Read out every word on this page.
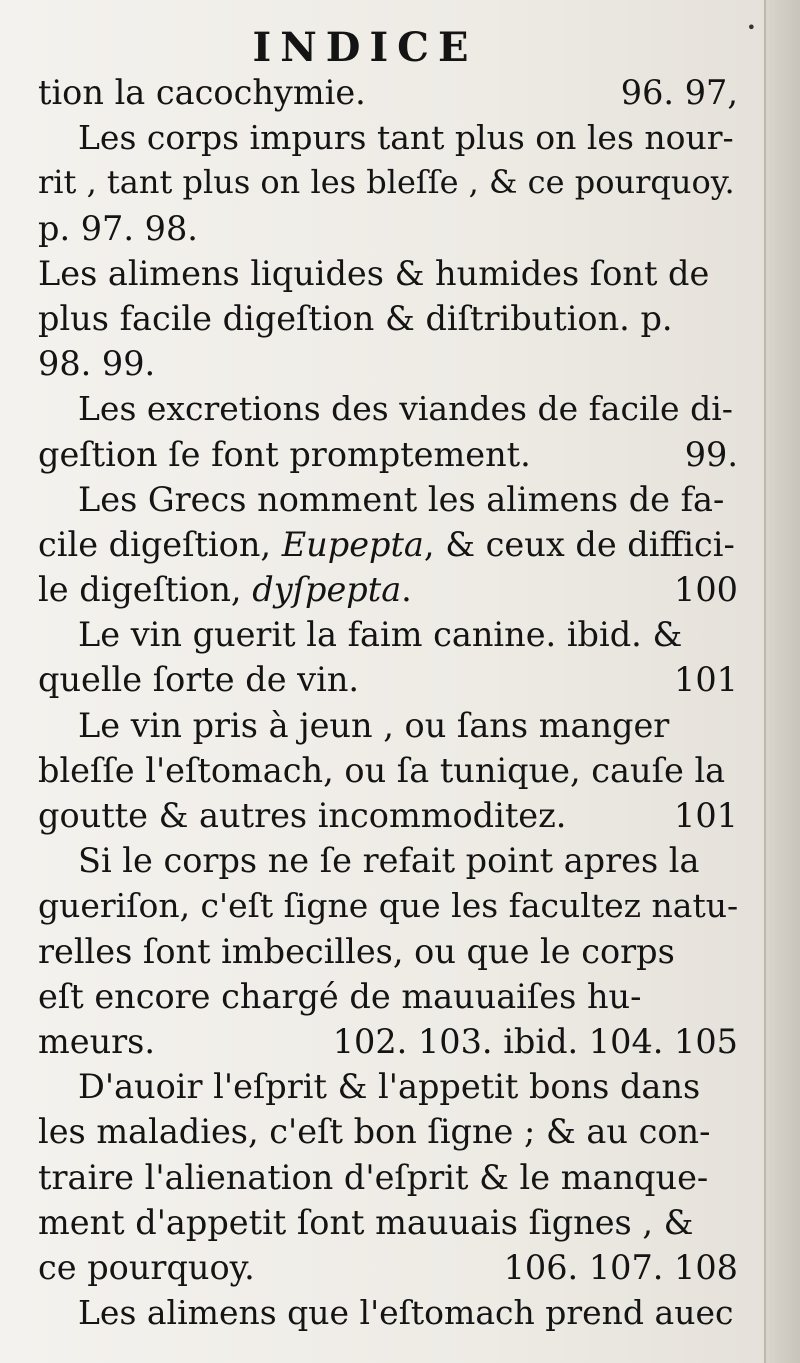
•
INDICE
tion la cacochymie.	96. 97,
Les corps impurs tant plus on les nour-
rit , tant plus on les bleſſe , & ce pourquoy.
p. 97. 98.
Les alimens liquides & humides ſont de
plus facile digeſtion & diſtribution. p.
98. 99.
Les excretions des viandes de facile di-
geſtion ſe font promptement.	99.
Les Grecs nomment les alimens de fa-
cile digeſtion,
Eupepta , & ceux de diffici-
le digeſtion,
dyſpepta .	100
Le vin guerit la faim canine. ibid. &
quelle ſorte de vin.	101
Le vin pris à jeun , ou ſans manger
bleſſe l'eſtomach, ou ſa tunique, cauſe la
goutte & autres incommoditez.	101
Si le corps ne ſe refait point apres la
gueriſon, c'eſt ſigne que les facultez natu-
relles ſont imbecilles, ou que le corps
eſt encore chargé de mauuaiſes hu-
meurs.	102. 103. ibid. 104. 105
D'auoir l'eſprit & l'appetit bons dans
les maladies, c'eſt bon ſigne ; & au con-
traire l'alienation d'eſprit & le manque-
ment d'appetit ſont mauuais ſignes , &
ce pourquoy.	106. 107. 108
Les alimens que l'eſtomach prend auec
